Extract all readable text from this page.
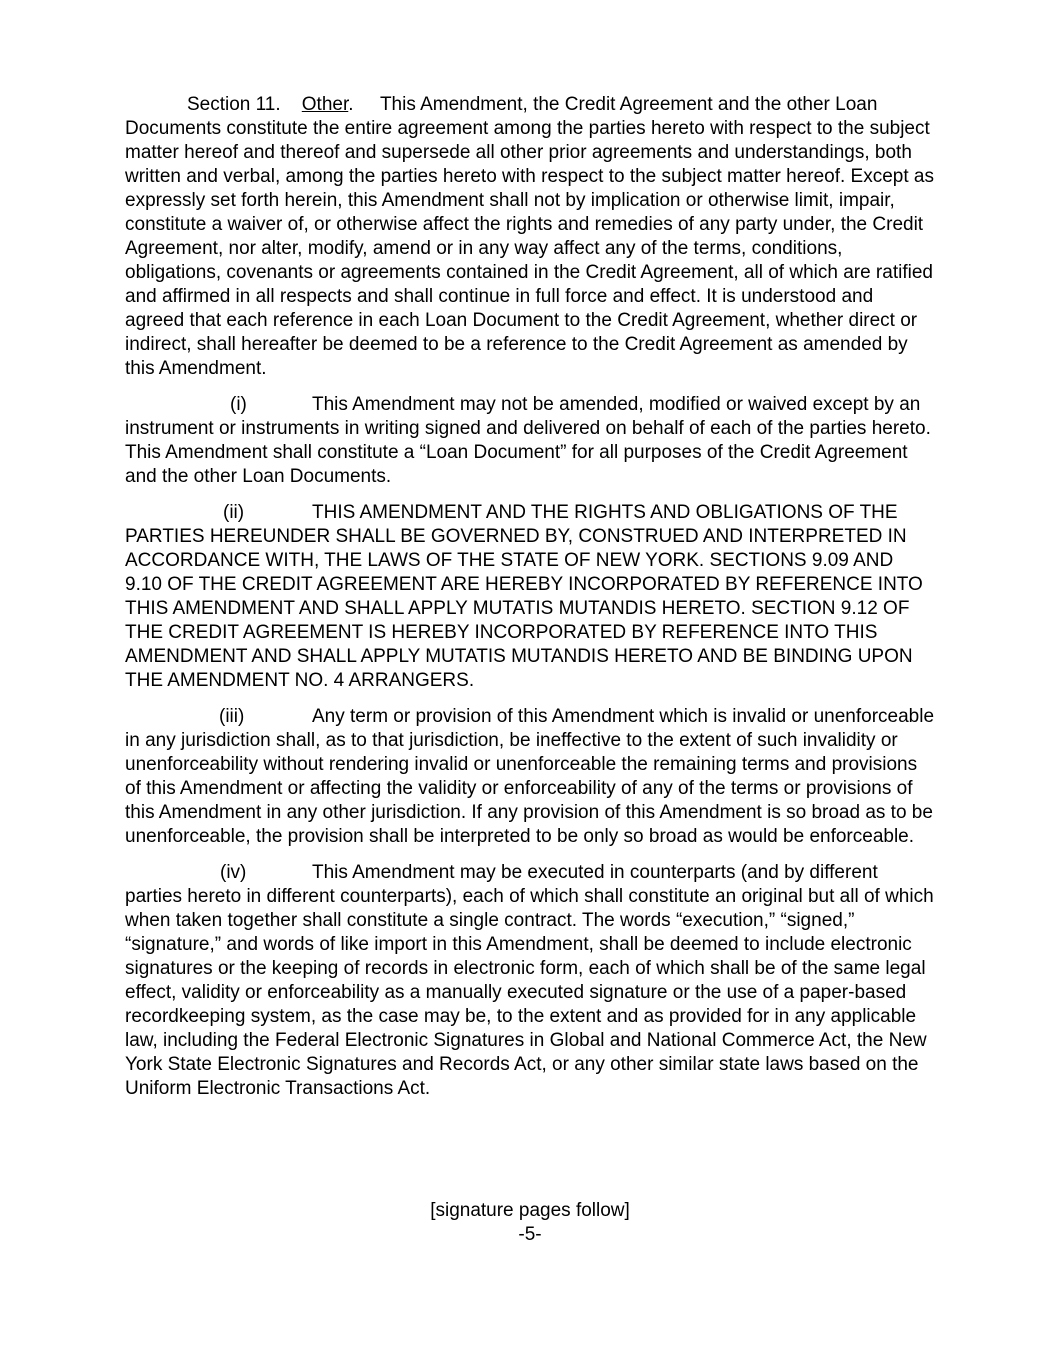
Section 11. Other. This Amendment, the Credit Agreement and the other Loan Documents constitute the entire agreement among the parties hereto with respect to the subject matter hereof and thereof and supersede all other prior agreements and understandings, both written and verbal, among the parties hereto with respect to the subject matter hereof. Except as expressly set forth herein, this Amendment shall not by implication or otherwise limit, impair, constitute a waiver of, or otherwise affect the rights and remedies of any party under, the Credit Agreement, nor alter, modify, amend or in any way affect any of the terms, conditions, obligations, covenants or agreements contained in the Credit Agreement, all of which are ratified and affirmed in all respects and shall continue in full force and effect. It is understood and agreed that each reference in each Loan Document to the Credit Agreement, whether direct or indirect, shall hereafter be deemed to be a reference to the Credit Agreement as amended by this Amendment.

(i)	This Amendment may not be amended, modified or waived except by an instrument or instruments in writing signed and delivered on behalf of each of the parties hereto. This Amendment shall constitute a “Loan Document” for all purposes of the Credit Agreement and the other Loan Documents.

(ii)	THIS AMENDMENT AND THE RIGHTS AND OBLIGATIONS OF THE PARTIES HEREUNDER SHALL BE GOVERNED BY, CONSTRUED AND INTERPRETED IN ACCORDANCE WITH, THE LAWS OF THE STATE OF NEW YORK. SECTIONS 9.09 AND 9.10 OF THE CREDIT AGREEMENT ARE HEREBY INCORPORATED BY REFERENCE INTO THIS AMENDMENT AND SHALL APPLY MUTATIS MUTANDIS HERETO. SECTION 9.12 OF THE CREDIT AGREEMENT IS HEREBY INCORPORATED BY REFERENCE INTO THIS AMENDMENT AND SHALL APPLY MUTATIS MUTANDIS HERETO AND BE BINDING UPON THE AMENDMENT NO. 4 ARRANGERS.

(iii)	Any term or provision of this Amendment which is invalid or unenforceable in any jurisdiction shall, as to that jurisdiction, be ineffective to the extent of such invalidity or unenforceability without rendering invalid or unenforceable the remaining terms and provisions of this Amendment or affecting the validity or enforceability of any of the terms or provisions of this Amendment in any other jurisdiction. If any provision of this Amendment is so broad as to be unenforceable, the provision shall be interpreted to be only so broad as would be enforceable.

(iv)	This Amendment may be executed in counterparts (and by different parties hereto in different counterparts), each of which shall constitute an original but all of which when taken together shall constitute a single contract. The words “execution,” “signed,” “signature,” and words of like import in this Amendment, shall be deemed to include electronic signatures or the keeping of records in electronic form, each of which shall be of the same legal effect, validity or enforceability as a manually executed signature or the use of a paper-based recordkeeping system, as the case may be, to the extent and as provided for in any applicable law, including the Federal Electronic Signatures in Global and National Commerce Act, the New York State Electronic Signatures and Records Act, or any other similar state laws based on the Uniform Electronic Transactions Act.

[signature pages follow]
-5-
